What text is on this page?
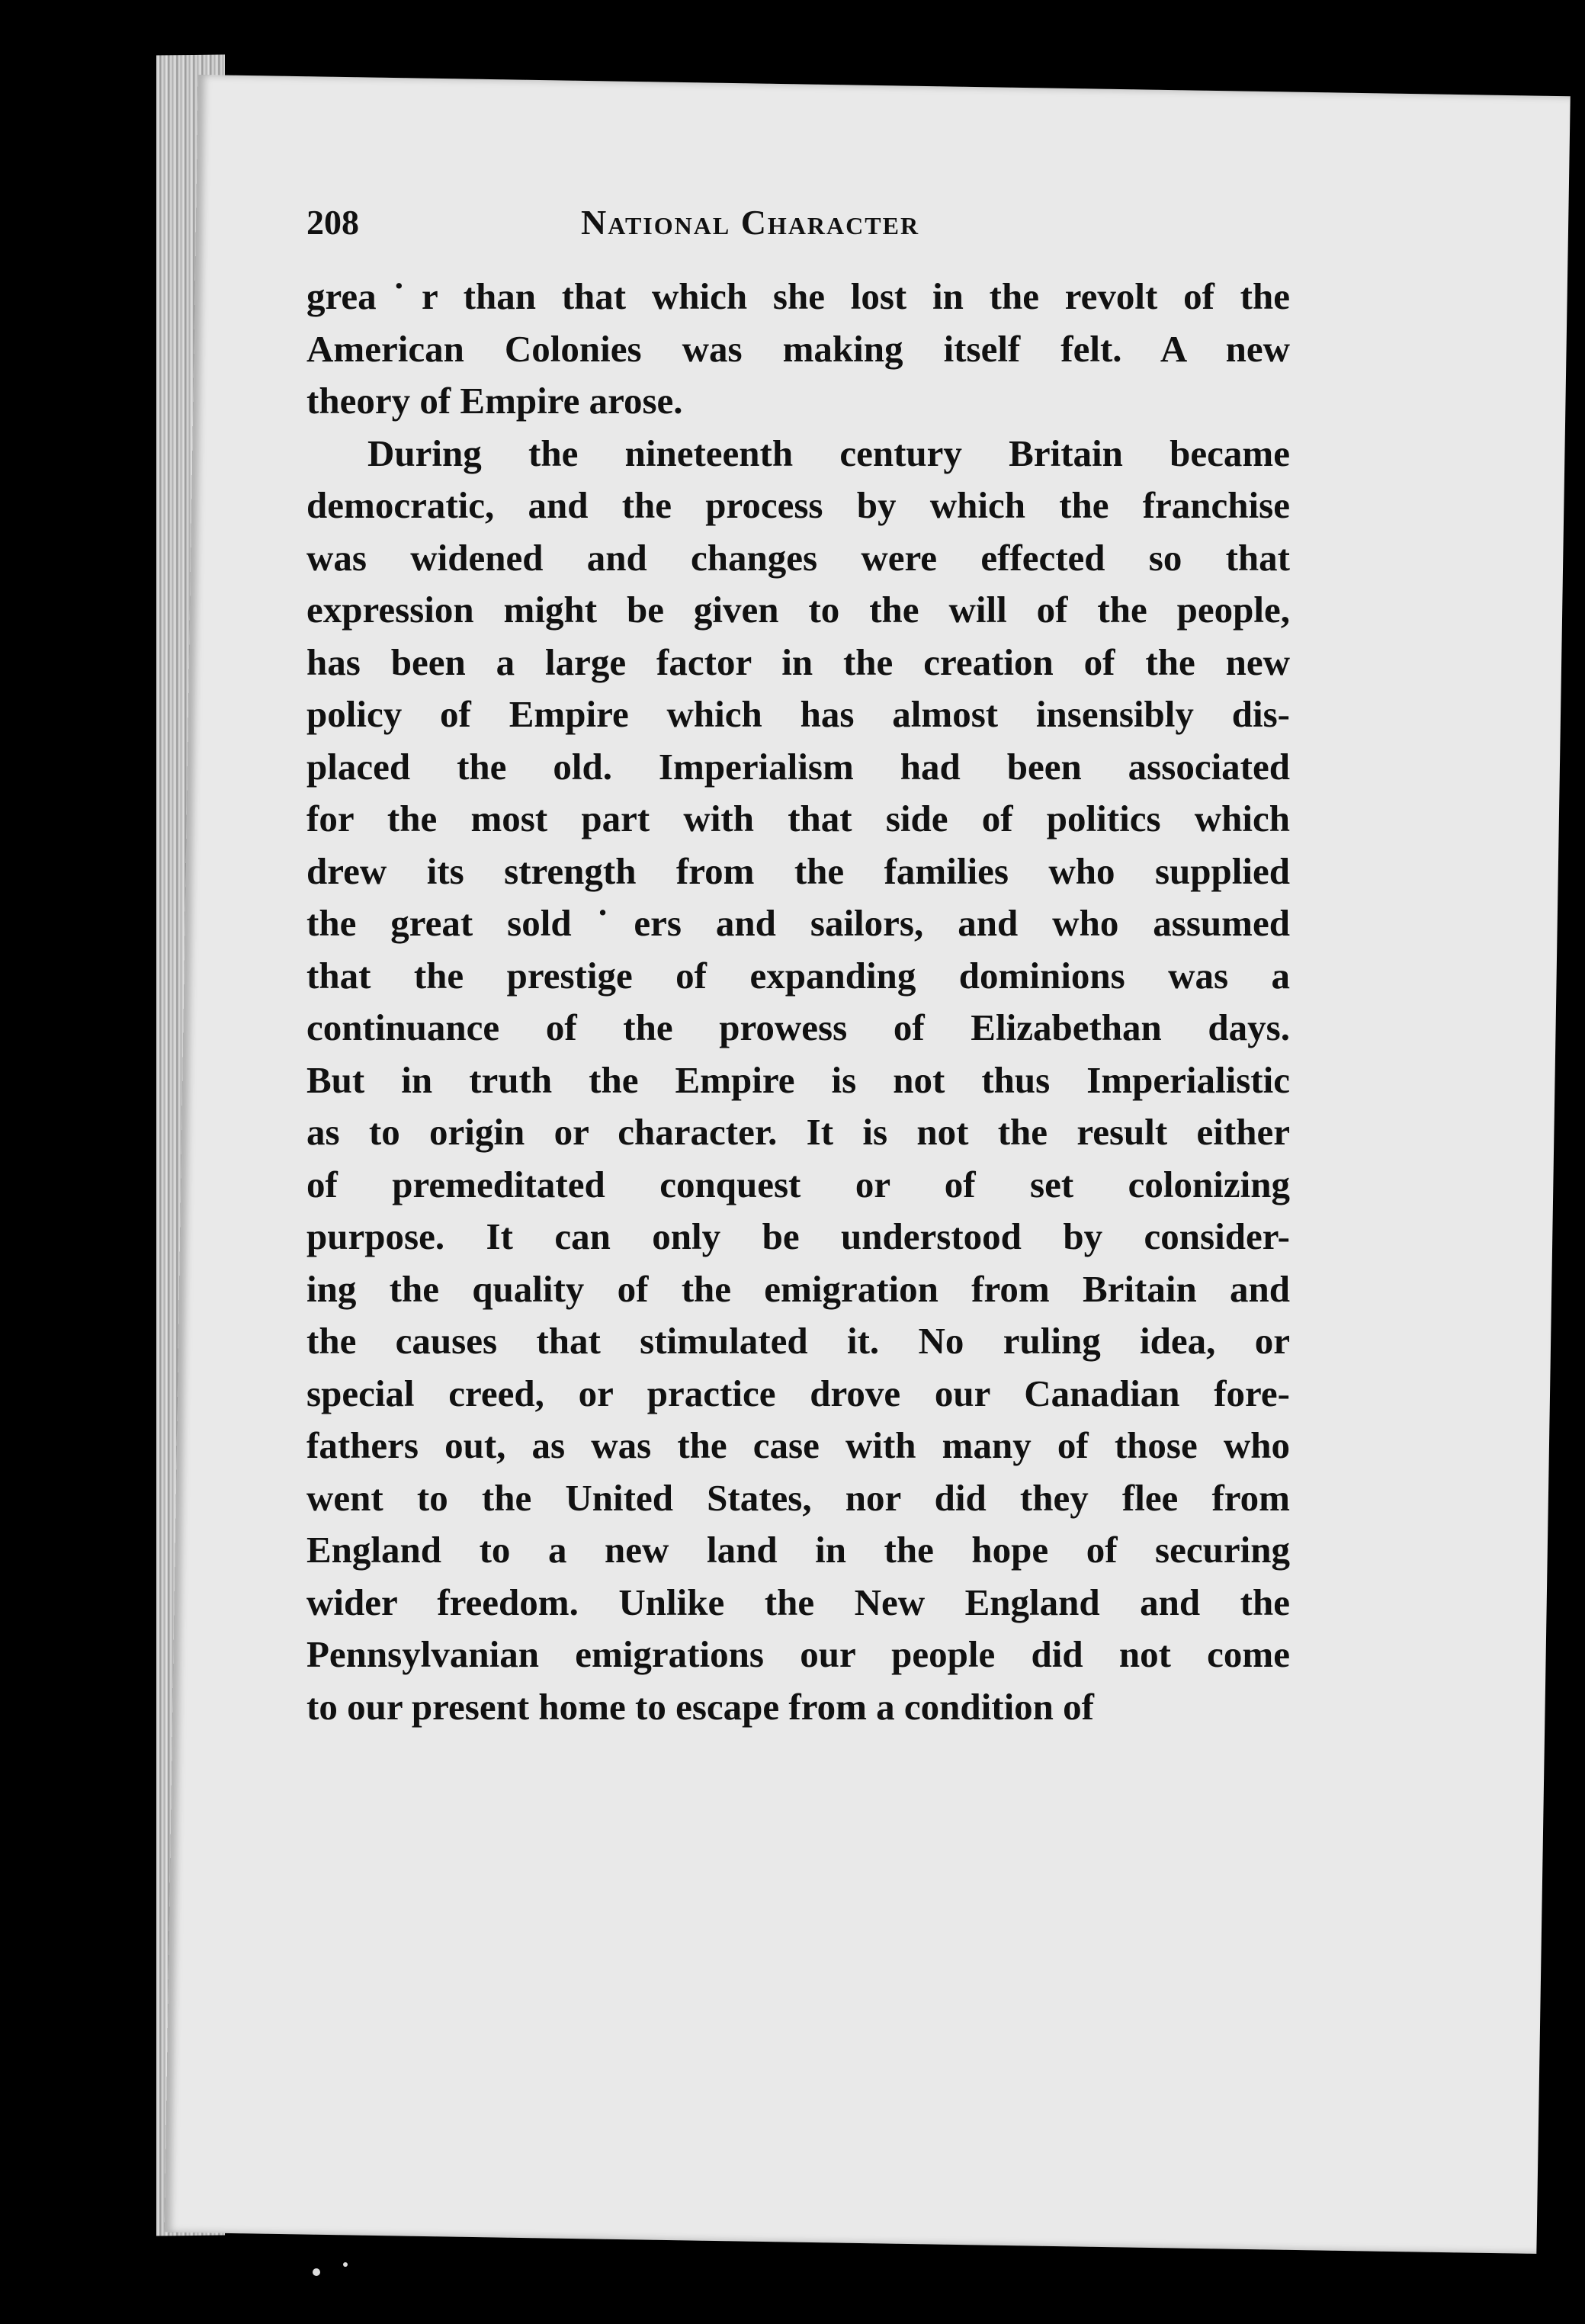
208	National Character

grea˙r than that which she lost in the revolt of the
American Colonies was making itself felt. A new
theory of Empire arose.

During the nineteenth century Britain became
democratic, and the process by which the franchise
was widened and changes were effected so that
expression might be given to the will of the people,
has been a large factor in the creation of the new
policy of Empire which has almost insensibly dis-
placed the old. Imperialism had been associated
for the most part with that side of politics which
drew its strength from the families who supplied
the great sold˙ers and sailors, and who assumed
that the prestige of expanding dominions was a
continuance of the prowess of Elizabethan days.
But in truth the Empire is not thus Imperialistic
as to origin or character. It is not the result either
of premeditated conquest or of set colonizing
purpose. It can only be understood by consider-
ing the quality of the emigration from Britain and
the causes that stimulated it. No ruling idea, or
special creed, or practice drove our Canadian fore-
fathers out, as was the case with many of those who
went to the United States, nor did they flee from
England to a new land in the hope of securing
wider freedom. Unlike the New England and the
Pennsylvanian emigrations our people did not come
to our present home to escape from a condition of
